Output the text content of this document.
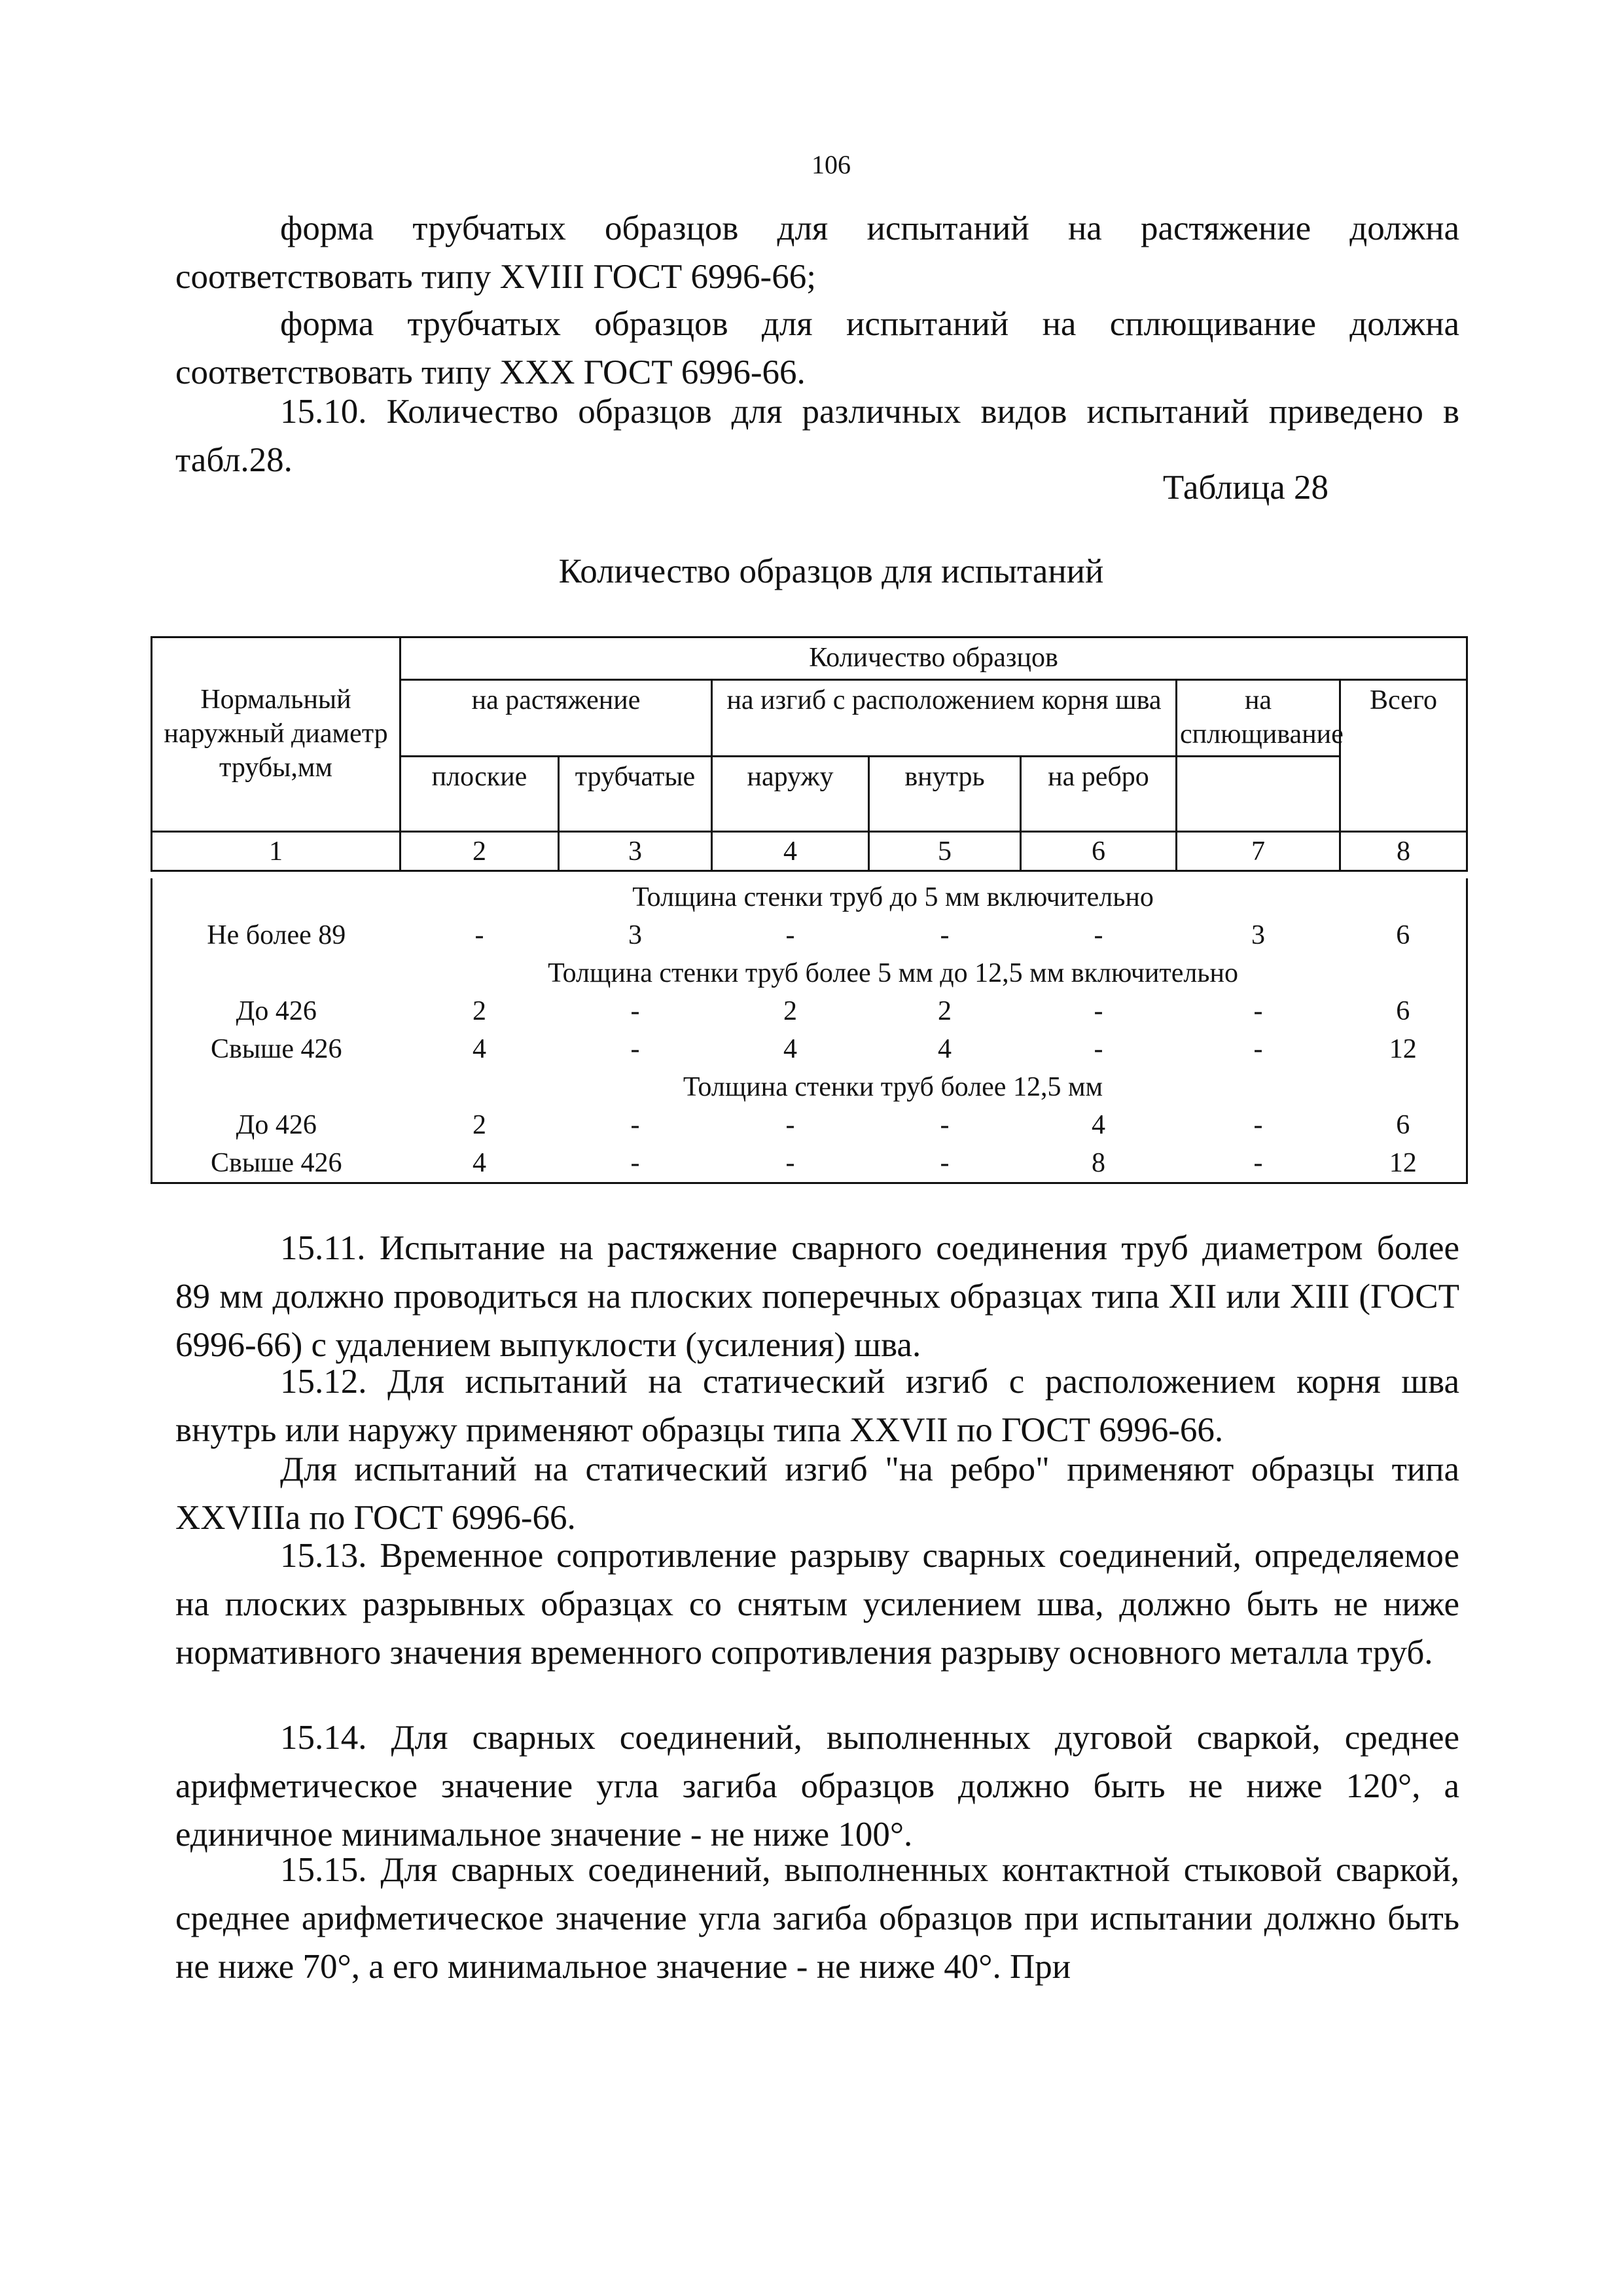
106

форма трубчатых образцов для испытаний на растяжение должна соответствовать типу XVIII ГОСТ 6996-66;

форма трубчатых образцов для испытаний на сплющивание должна соответствовать типу ХХХ ГОСТ 6996-66.

15.10. Количество образцов для различных видов испытаний приведено в табл.28.

Таблица 28
Количество образцов для испытаний
Нормальный наружный диаметр трубы,мм	Количество образцов						
	на растяжение		на изгиб с расположением корня шва			на сплющивание	Всего
	плоские	трубчатые	наружу	внутрь	на ребро		
1	2	3	4	5	6	7	8
Толщина стенки труб до 5 мм включительно							
Не более 89	-	3	-	-	-	3	6
Толщина стенки труб более 5 мм до 12,5 мм включительно							
До 426	2	-	2	2	-	-	6
Свыше 426	4	-	4	4	-	-	12
Толщина стенки труб более 12,5 мм							
До 426	2	-	-	-	4	-	6
Свыше 426	4	-	-	-	8	-	12

15.11. Испытание на растяжение сварного соединения труб диаметром более 89 мм должно проводиться на плоских поперечных образцах типа XII или XIII (ГОСТ 6996-66) с удалением выпуклости (усиления) шва.

15.12. Для испытаний на статический изгиб с расположением корня шва внутрь или наружу применяют образцы типа XXVII по ГОСТ 6996-66.

Для испытаний на статический изгиб "на ребро" применяют образцы типа XXVIIIа по ГОСТ 6996-66.

15.13. Временное сопротивление разрыву сварных соединений, определяемое на плоских разрывных образцах со снятым усилением шва, должно быть не ниже нормативного значения временного сопротивления разрыву основного металла труб.

15.14. Для сварных соединений, выполненных дуговой сваркой, среднее арифметическое значение угла загиба образцов должно быть не ниже 120°, а единичное минимальное значение - не ниже 100°.

15.15. Для сварных соединений, выполненных контактной стыковой сваркой, среднее арифметическое значение угла загиба образцов при испытании должно быть не ниже 70°, а его минимальное значение - не ниже 40°. При
